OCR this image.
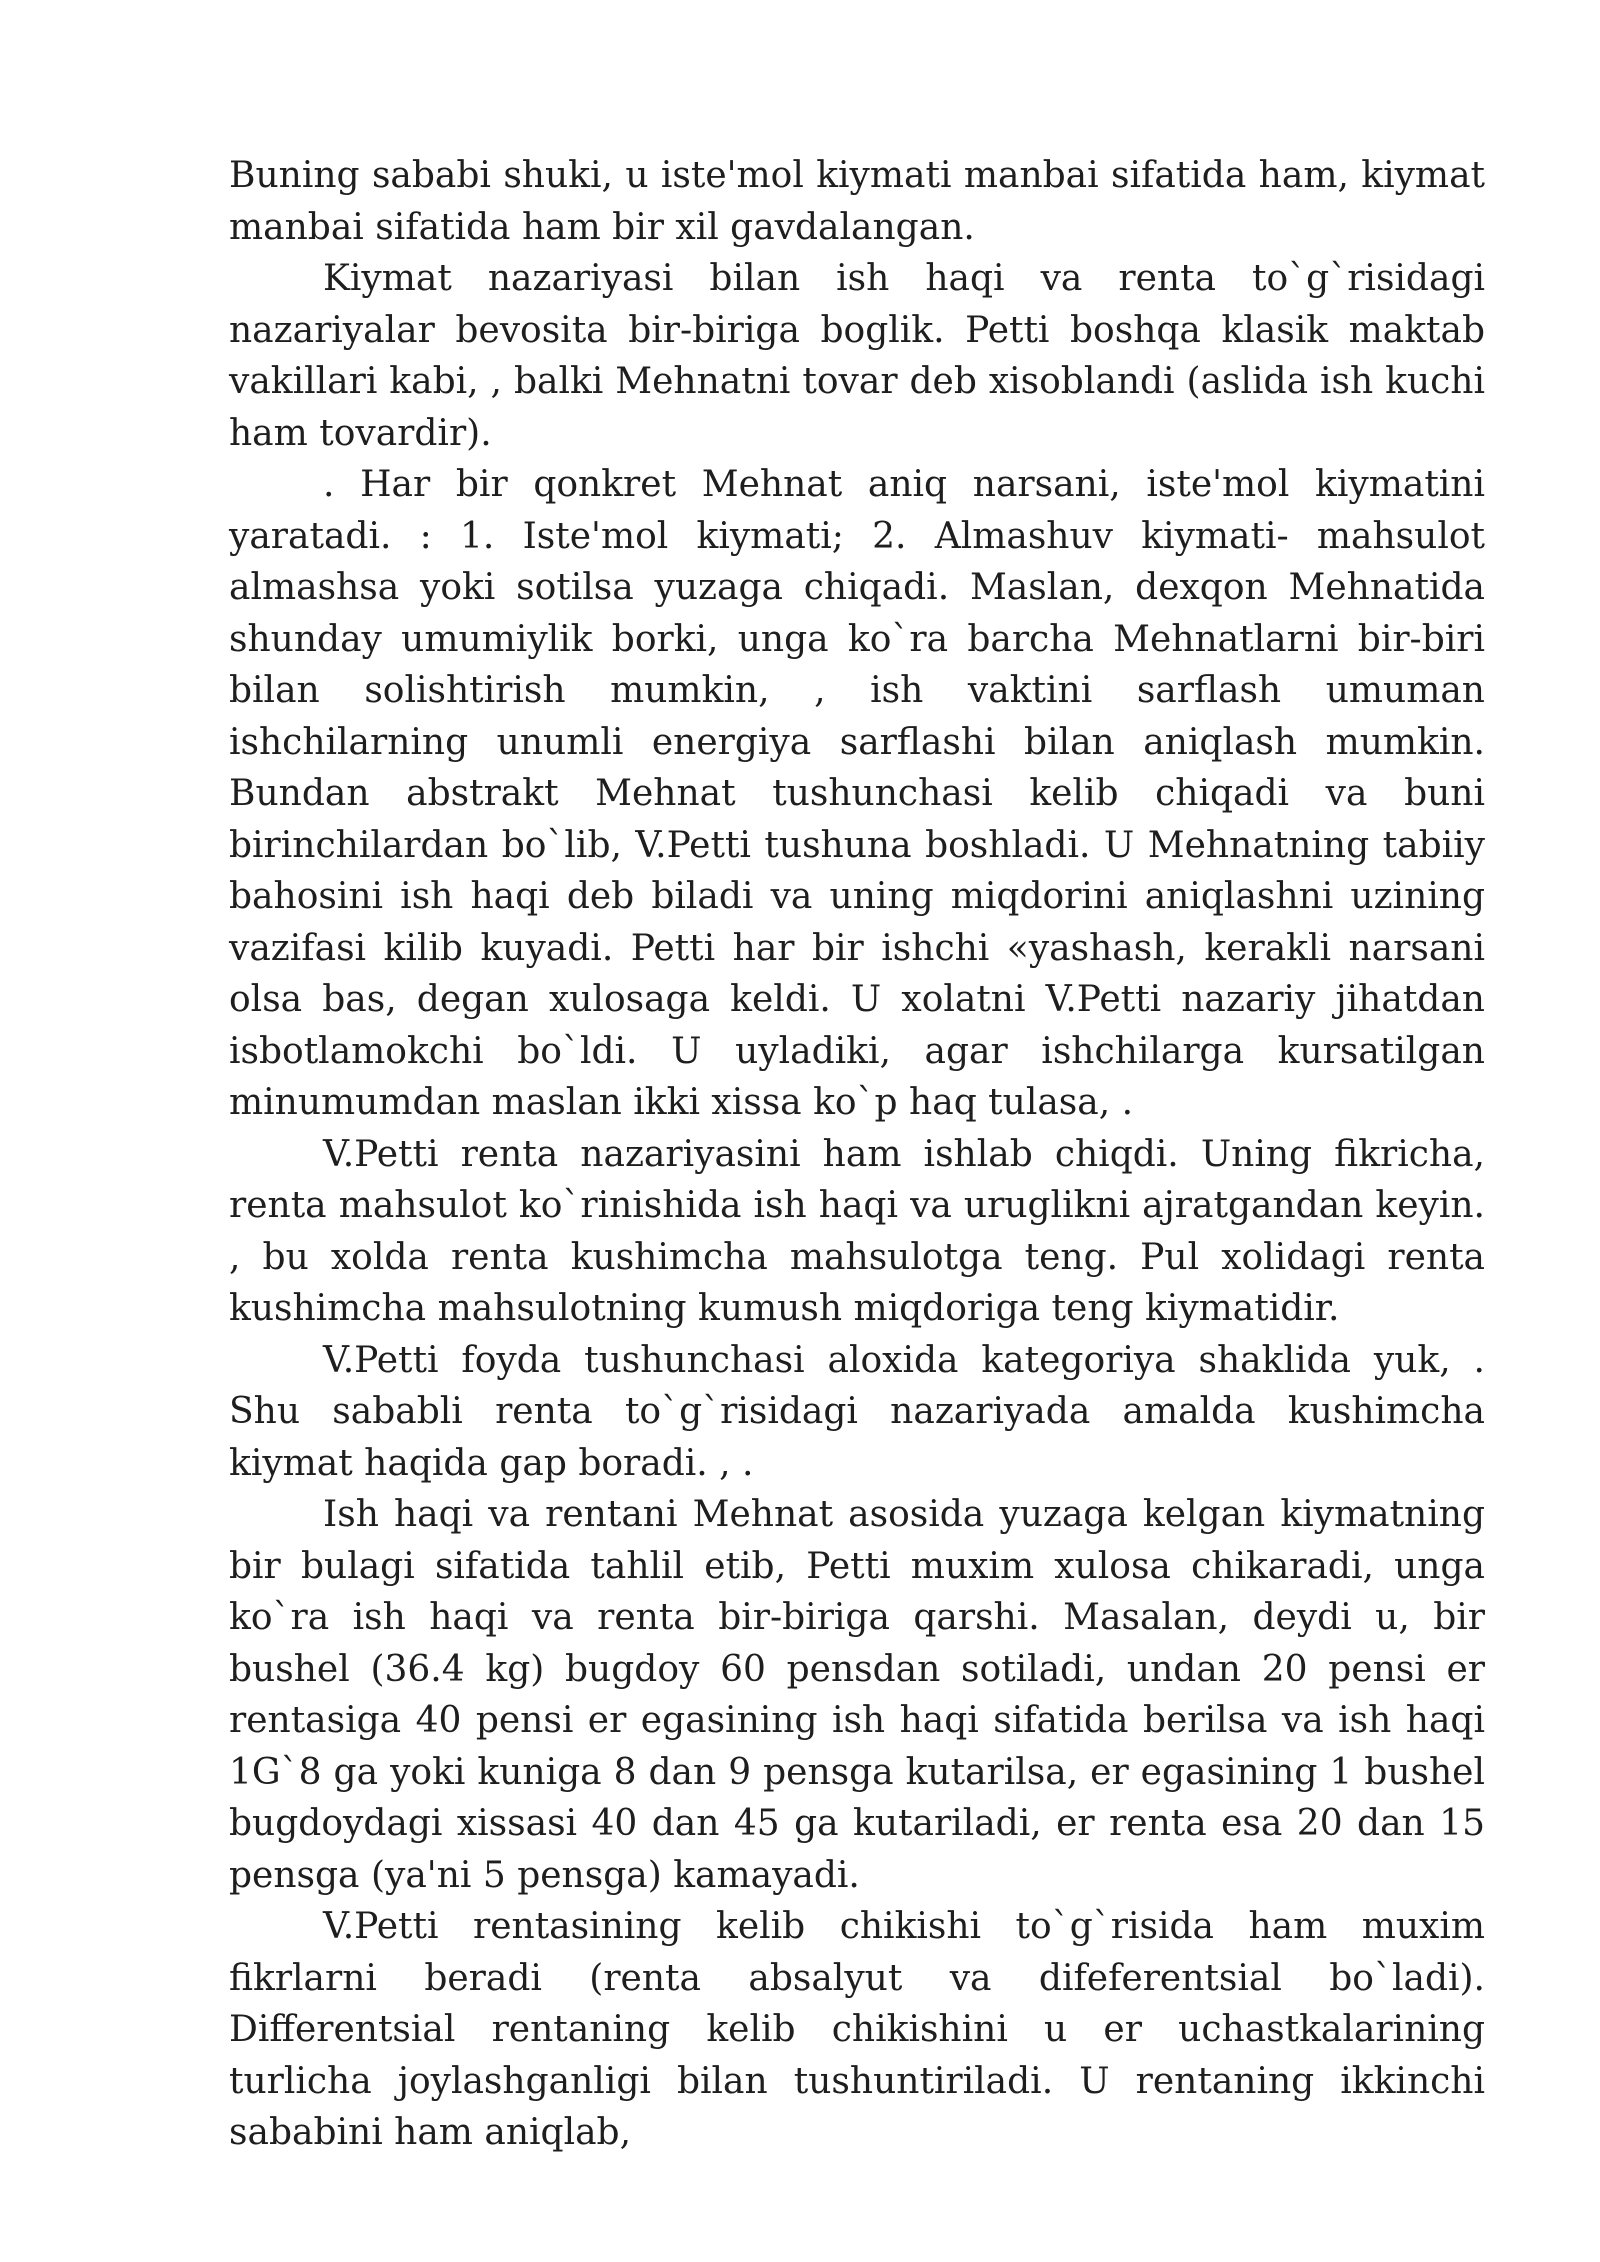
Buning sababi shuki, u iste'mol kiymati manbai sifatida ham, kiymat manbai sifatida ham bir xil gavdalangan.

Kiymat nazariyasi bilan ish haqi va renta to`g`risidagi nazariyalar bevosita bir-biriga boglik. Petti boshqa klasik maktab vakillari kabi, , balki Mehnatni tovar deb xisoblandi (aslida ish kuchi ham tovardir).

. Har bir qonkret Mehnat aniq narsani, iste'mol kiymatini yaratadi. : 1. Iste'mol kiymati; 2. Almashuv kiymati- mahsulot almashsa yoki sotilsa yuzaga chiqadi. Maslan, dexqon Mehnatida shunday umumiylik borki, unga ko`ra barcha Mehnatlarni bir-biri bilan solishtirish mumkin, , ish vaktini sarflash umuman ishchilarning unumli energiya sarflashi bilan aniqlash mumkin. Bundan abstrakt Mehnat tushunchasi kelib chiqadi va buni birinchilardan bo`lib, V.Petti tushuna boshladi. U Mehnatning tabiiy bahosini ish haqi deb biladi va uning miqdorini aniqlashni uzining vazifasi kilib kuyadi. Petti har bir ishchi «yashash, kerakli narsani olsa bas, degan xulosaga keldi. U xolatni V.Petti nazariy jihatdan isbotlamokchi bo`ldi. U uyladiki, agar ishchilarga kursatilgan minumumdan maslan ikki xissa ko`p haq tulasa, .

V.Petti renta nazariyasini ham ishlab chiqdi. Uning fikricha, renta mahsulot ko`rinishida ish haqi va uruglikni ajratgandan keyin. , bu xolda renta kushimcha mahsulotga teng. Pul xolidagi renta kushimcha mahsulotning kumush miqdoriga teng kiymatidir.

V.Petti foyda tushunchasi aloxida kategoriya shaklida yuk, . Shu sababli renta to`g`risidagi nazariyada amalda kushimcha kiymat haqida gap boradi. , .

Ish haqi va rentani Mehnat asosida yuzaga kelgan kiymatning bir bulagi sifatida tahlil etib, Petti muxim xulosa chikaradi, unga ko`ra ish haqi va renta bir-biriga qarshi. Masalan, deydi u, bir bushel (36.4 kg) bugdoy 60 pensdan sotiladi, undan 20 pensi er rentasiga 40 pensi er egasining ish haqi sifatida berilsa va ish haqi 1G`8 ga yoki kuniga 8 dan 9 pensga kutarilsa, er egasining 1 bushel bugdoydagi xissasi 40 dan 45 ga kutariladi, er renta esa 20 dan 15 pensga (ya'ni 5 pensga) kamayadi.

V.Petti rentasining kelib chikishi to`g`risida ham muxim fikrlarni beradi (renta absalyut va difeferentsial bo`ladi). Differentsial rentaning kelib chikishini u er uchastkalarining turlicha joylashganligi bilan tushuntiriladi. U rentaning ikkinchi sababini ham aniqlab,
